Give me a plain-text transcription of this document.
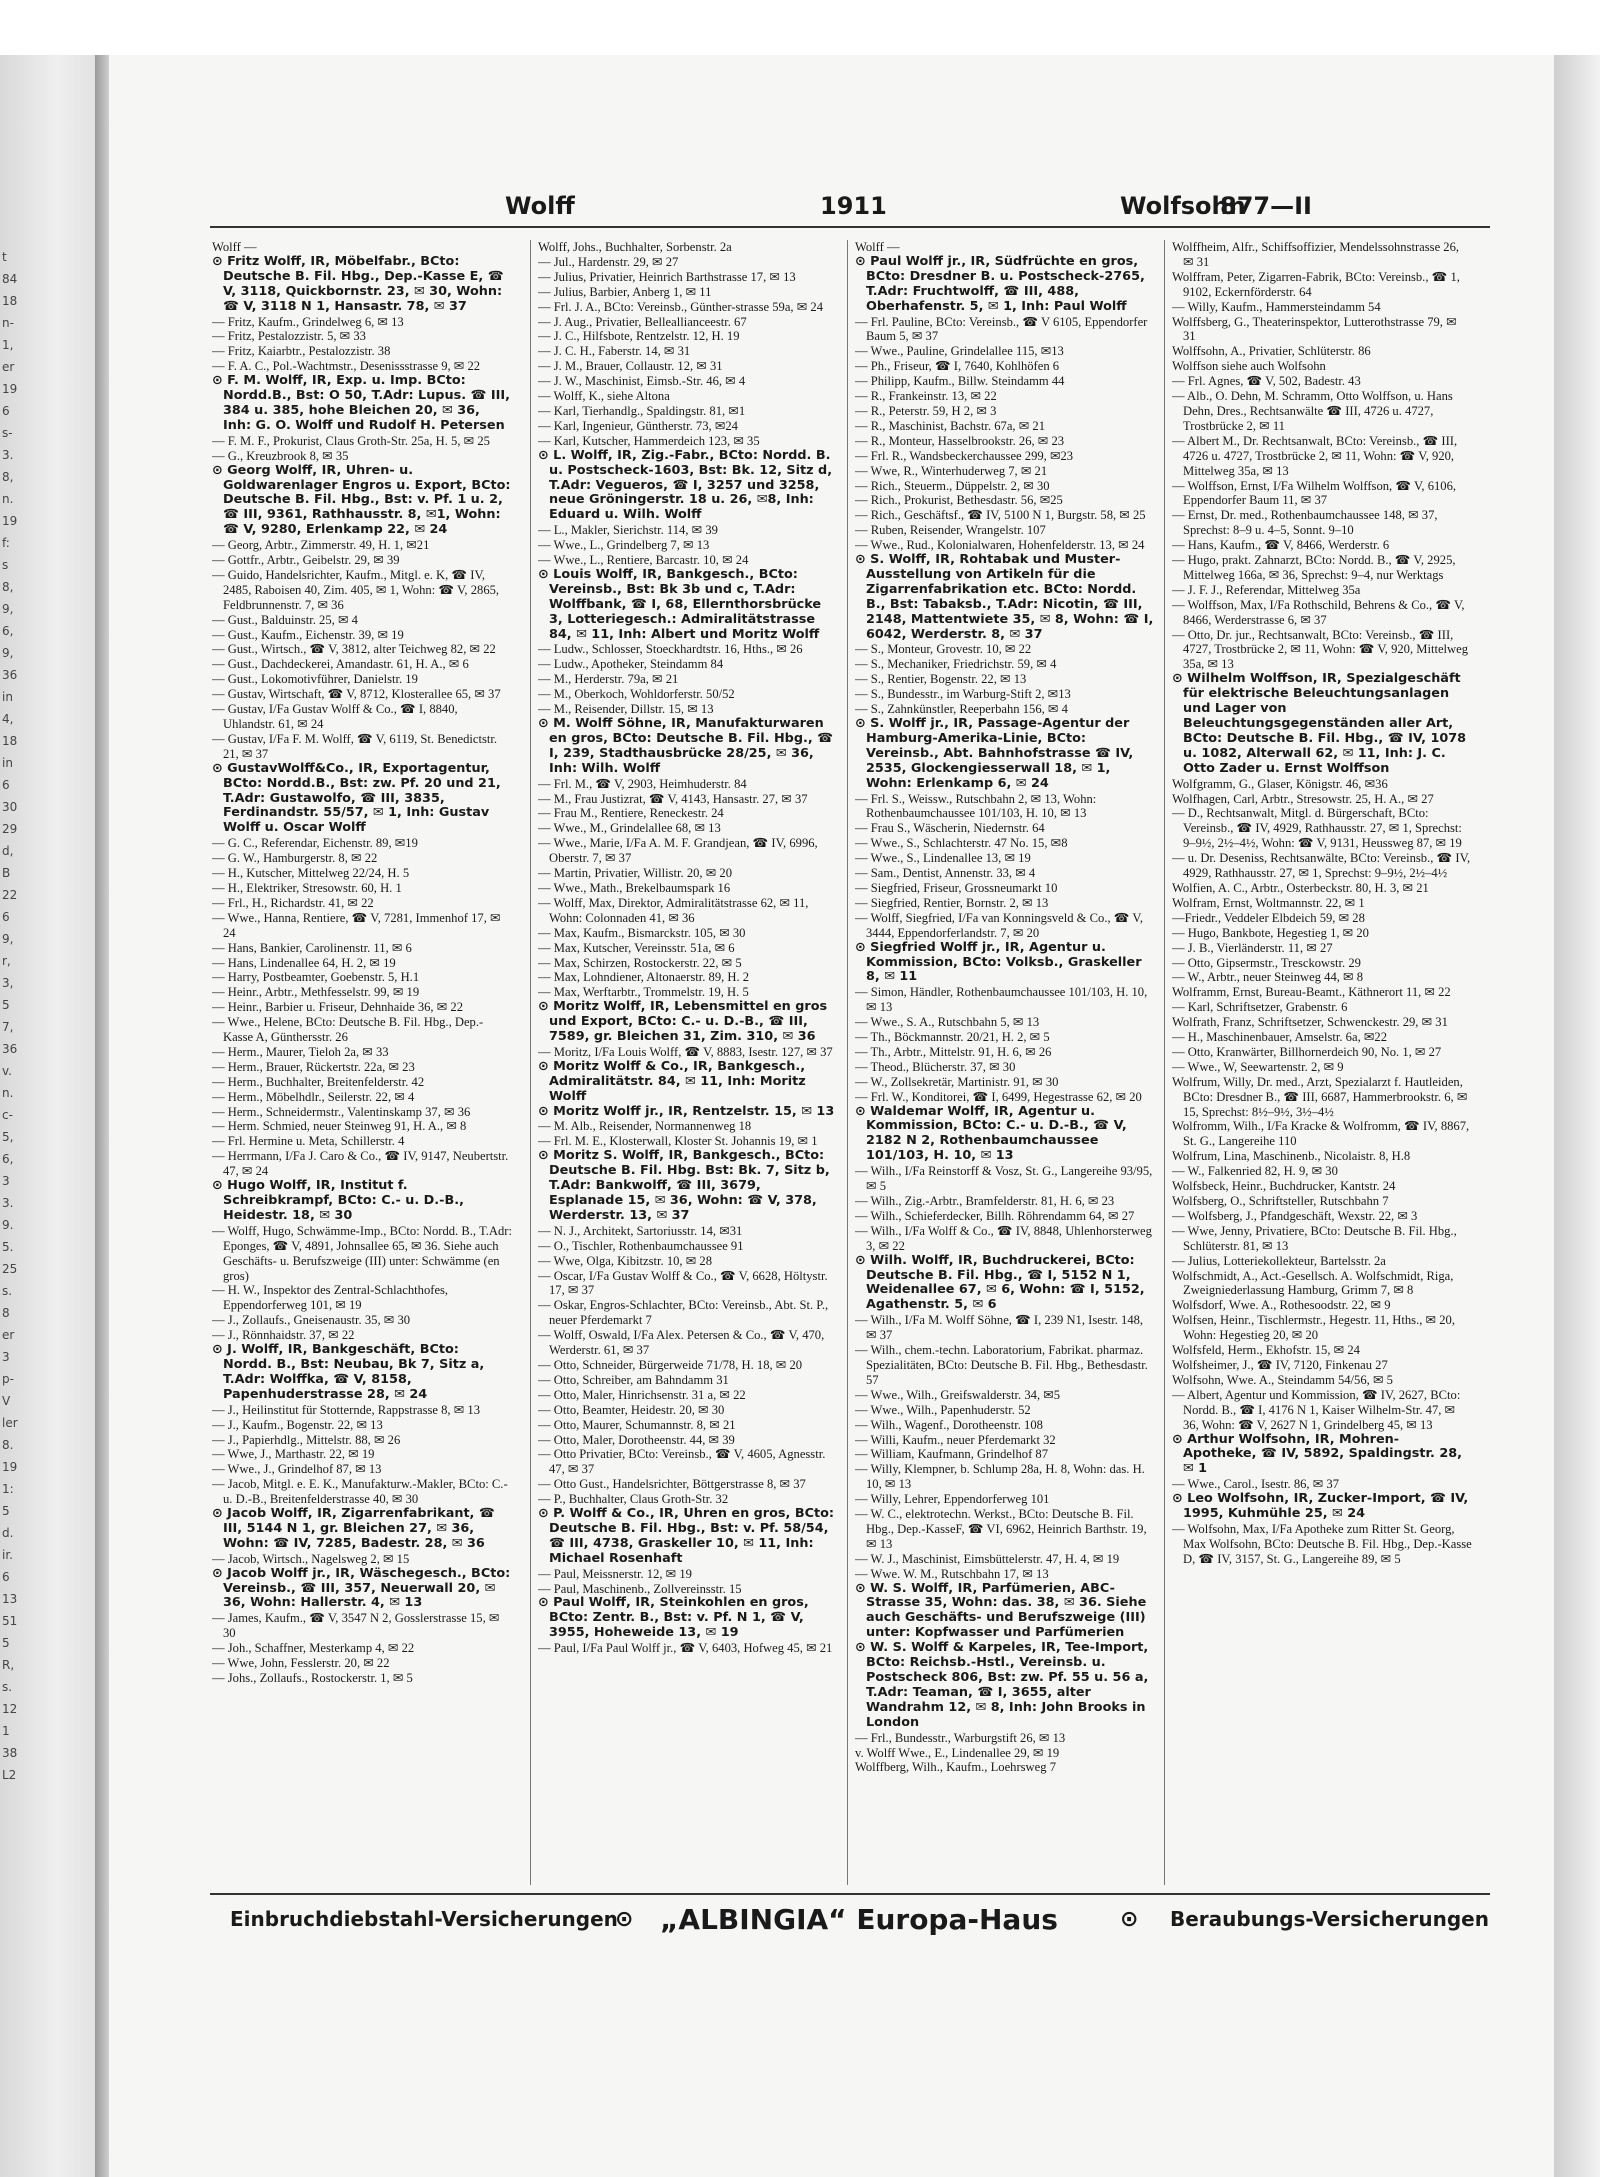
t
84
18
n-
1,
er
19
6
s-
3.
8,
n.
19
f:
s
8,
9,
6,
9,
36
in
4,
18
in
6
30
29
d,
B
22
6
9,
r,
3,
5
7,
36
v.
n.
c-
5,
6,
3
3.
9.
5.
25
s.
8
er
3
p-
V
ler
8.
19
1:
5
d.
ir.
6
13
51
5
R,
s.
12
1
38
L2
Wolff	1911	Wolfsohn
877—II

Wolff —

⊙ Fritz Wolff, IR, Möbelfabr., BCto: Deutsche B. Fil. Hbg., Dep.-Kasse E, ☎ V, 3118, Quickbornstr. 23, ✉ 30, Wohn: ☎ V, 3118 N 1, Hansastr. 78, ✉ 37

— Fritz, Kaufm., Grindelweg 6, ✉ 13

— Fritz, Pestalozzistr. 5, ✉ 33

— Fritz, Kaiarbtr., Pestalozzistr. 38

— F. A. C., Pol.-Wachtmstr., Desenissstrasse 9, ✉ 22

⊙ F. M. Wolff, IR, Exp. u. Imp. BCto: Nordd.B., Bst: O 50, T.Adr: Lupus. ☎ III, 384 u. 385, hohe Bleichen 20, ✉ 36, Inh: G. O. Wolff und Rudolf H. Petersen

— F. M. F., Prokurist, Claus Groth-Str. 25a, H. 5, ✉ 25

— G., Kreuzbrook 8, ✉ 35

⊙ Georg Wolff, IR, Uhren- u. Goldwarenlager Engros u. Export, BCto: Deutsche B. Fil. Hbg., Bst: v. Pf. 1 u. 2, ☎ III, 9361, Rathhausstr. 8, ✉1, Wohn: ☎ V, 9280, Erlenkamp 22, ✉ 24

— Georg, Arbtr., Zimmerstr. 49, H. 1, ✉21

— Gottfr., Arbtr., Geibelstr. 29, ✉ 39

— Guido, Handelsrichter, Kaufm., Mitgl. e. K, ☎ IV, 2485, Raboisen 40, Zim. 405, ✉ 1, Wohn: ☎ V, 2865, Feldbrunnenstr. 7, ✉ 36

— Gust., Balduinstr. 25, ✉ 4

— Gust., Kaufm., Eichenstr. 39, ✉ 19

— Gust., Wirtsch., ☎ V, 3812, alter Teichweg 82, ✉ 22

— Gust., Dachdeckerei, Amandastr. 61, H. A., ✉ 6

— Gust., Lokomotivführer, Danielstr. 19

— Gustav, Wirtschaft, ☎ V, 8712, Klosterallee 65, ✉ 37

— Gustav, I/Fa Gustav Wolff & Co., ☎ I, 8840, Uhlandstr. 61, ✉ 24

— Gustav, I/Fa F. M. Wolff, ☎ V, 6119, St. Benedictstr. 21, ✉ 37

⊙ GustavWolff&Co., IR, Exportagentur, BCto: Nordd.B., Bst: zw. Pf. 20 und 21, T.Adr: Gustawolfo, ☎ III, 3835, Ferdinandstr. 55/57, ✉ 1, Inh: Gustav Wolff u. Oscar Wolff

— G. C., Referendar, Eichenstr. 89, ✉19

— G. W., Hamburgerstr. 8, ✉ 22

— H., Kutscher, Mittelweg 22/24, H. 5

— H., Elektriker, Stresowstr. 60, H. 1

— Frl., H., Richardstr. 41, ✉ 22

— Wwe., Hanna, Rentiere, ☎ V, 7281, Immenhof 17, ✉ 24

— Hans, Bankier, Carolinenstr. 11, ✉ 6

— Hans, Lindenallee 64, H. 2, ✉ 19

— Harry, Postbeamter, Goebenstr. 5, H.1

— Heinr., Arbtr., Methfesselstr. 99, ✉ 19

— Heinr., Barbier u. Friseur, Dehnhaide 36, ✉ 22

— Wwe., Helene, BCto: Deutsche B. Fil. Hbg., Dep.-Kasse A, Günthersstr. 26

— Herm., Maurer, Tieloh 2a, ✉ 33

— Herm., Brauer, Rückertstr. 22a, ✉ 23

— Herm., Buchhalter, Breitenfelderstr. 42

— Herm., Möbelhdlr., Seilerstr. 22, ✉ 4

— Herm., Schneidermstr., Valentinskamp 37, ✉ 36

— Herm. Schmied, neuer Steinweg 91, H. A., ✉ 8

— Frl. Hermine u. Meta, Schillerstr. 4

— Herrmann, I/Fa J. Caro & Co., ☎ IV, 9147, Neubertstr. 47, ✉ 24

⊙ Hugo Wolff, IR, Institut f. Schreibkrampf, BCto: C.- u. D.-B., Heidestr. 18, ✉ 30

— Wolff, Hugo, Schwämme-Imp., BCto: Nordd. B., T.Adr: Eponges, ☎ V, 4891, Johnsallee 65, ✉ 36. Siehe auch Geschäfts- u. Berufszweige (III) unter: Schwämme (en gros)

— H. W., Inspektor des Zentral-Schlachthofes, Eppendorferweg 101, ✉ 19

— J., Zollaufs., Gneisenaustr. 35, ✉ 30

— J., Rönnhaidstr. 37, ✉ 22

⊙ J. Wolff, IR, Bankgeschäft, BCto: Nordd. B., Bst: Neubau, Bk 7, Sitz a, T.Adr: Wolffka, ☎ V, 8158, Papenhuderstrasse 28, ✉ 24

— J., Heilinstitut für Stotternde, Rappstrasse 8, ✉ 13

— J., Kaufm., Bogenstr. 22, ✉ 13

— J., Papierhdlg., Mittelstr. 88, ✉ 26

— Wwe, J., Marthastr. 22, ✉ 19

— Wwe., J., Grindelhof 87, ✉ 13

— Jacob, Mitgl. e. E. K., Manufakturw.-Makler, BCto: C.- u. D.-B., Breitenfelderstrasse 40, ✉ 30

⊙ Jacob Wolff, IR, Zigarrenfabrikant, ☎ III, 5144 N 1, gr. Bleichen 27, ✉ 36, Wohn: ☎ IV, 7285, Badestr. 28, ✉ 36

— Jacob, Wirtsch., Nagelsweg 2, ✉ 15

⊙ Jacob Wolff jr., IR, Wäschegesch., BCto: Vereinsb., ☎ III, 357, Neuerwall 20, ✉ 36, Wohn: Hallerstr. 4, ✉ 13

— James, Kaufm., ☎ V, 3547 N 2, Gosslerstrasse 15, ✉ 30

— Joh., Schaffner, Mesterkamp 4, ✉ 22

— Wwe, John, Fesslerstr. 20, ✉ 22

— Johs., Zollaufs., Rostockerstr. 1, ✉ 5

Wolff, Johs., Buchhalter, Sorbenstr. 2a

— Jul., Hardenstr. 29, ✉ 27

— Julius, Privatier, Heinrich Barthstrasse 17, ✉ 13

— Julius, Barbier, Anberg 1, ✉ 11

— Frl. J. A., BCto: Vereinsb., Günther-strasse 59a, ✉ 24

— J. Aug., Privatier, Belleallianceestr. 67

— J. C., Hilfsbote, Rentzelstr. 12, H. 19

— J. C. H., Faberstr. 14, ✉ 31

— J. M., Brauer, Collaustr. 12, ✉ 31

— J. W., Maschinist, Eimsb.-Str. 46, ✉ 4

— Wolff, K., siehe Altona

— Karl, Tierhandlg., Spaldingstr. 81, ✉1

— Karl, Ingenieur, Güntherstr. 73, ✉24

— Karl, Kutscher, Hammerdeich 123, ✉ 35

⊙ L. Wolff, IR, Zig.-Fabr., BCto: Nordd. B. u. Postscheck-1603, Bst: Bk. 12, Sitz d, T.Adr: Vegueros, ☎ I, 3257 und 3258, neue Gröningerstr. 18 u. 26, ✉8, Inh: Eduard u. Wilh. Wolff

— L., Makler, Sierichstr. 114, ✉ 39

— Wwe., L., Grindelberg 7, ✉ 13

— Wwe., L., Rentiere, Barcastr. 10, ✉ 24

⊙ Louis Wolff, IR, Bankgesch., BCto: Vereinsb., Bst: Bk 3b und c, T.Adr: Wolffbank, ☎ I, 68, Ellernthorsbrücke 3, Lotteriegesch.: Admiralitätstrasse 84, ✉ 11, Inh: Albert und Moritz Wolff

— Ludw., Schlosser, Stoeckhardtstr. 16, Hths., ✉ 26

— Ludw., Apotheker, Steindamm 84

— M., Herderstr. 79a, ✉ 21

— M., Oberkoch, Wohldorferstr. 50/52

— M., Reisender, Dillstr. 15, ✉ 13

⊙ M. Wolff Söhne, IR, Manufakturwaren en gros, BCto: Deutsche B. Fil. Hbg., ☎ I, 239, Stadthausbrücke 28/25, ✉ 36, Inh: Wilh. Wolff

— Frl. M., ☎ V, 2903, Heimhuderstr. 84

— M., Frau Justizrat, ☎ V, 4143, Hansastr. 27, ✉ 37

— Frau M., Rentiere, Reneckestr. 24

— Wwe., M., Grindelallee 68, ✉ 13

— Wwe., Marie, I/Fa A. M. F. Grandjean, ☎ IV, 6996, Oberstr. 7, ✉ 37

— Martin, Privatier, Willistr. 20, ✉ 20

— Wwe., Math., Brekelbaumspark 16

— Wolff, Max, Direktor, Admiralitätstrasse 62, ✉ 11, Wohn: Colonnaden 41, ✉ 36

— Max, Kaufm., Bismarckstr. 105, ✉ 30

— Max, Kutscher, Vereinsstr. 51a, ✉ 6

— Max, Schirzen, Rostockerstr. 22, ✉ 5

— Max, Lohndiener, Altonaerstr. 89, H. 2

— Max, Werftarbtr., Trommelstr. 19, H. 5

⊙ Moritz Wolff, IR, Lebensmittel en gros und Export, BCto: C.- u. D.-B., ☎ III, 7589, gr. Bleichen 31, Zim. 310, ✉ 36

— Moritz, I/Fa Louis Wolff, ☎ V, 8883, Isestr. 127, ✉ 37

⊙ Moritz Wolff & Co., IR, Bankgesch., Admiralitätstr. 84, ✉ 11, Inh: Moritz Wolff

⊙ Moritz Wolff jr., IR, Rentzelstr. 15, ✉ 13

— M. Alb., Reisender, Normannenweg 18

— Frl. M. E., Klosterwall, Kloster St. Johannis 19, ✉ 1

⊙ Moritz S. Wolff, IR, Bankgesch., BCto: Deutsche B. Fil. Hbg. Bst: Bk. 7, Sitz b, T.Adr: Bankwolff, ☎ III, 3679, Esplanade 15, ✉ 36, Wohn: ☎ V, 378, Werderstr. 13, ✉ 37

— N. J., Architekt, Sartoriusstr. 14, ✉31

— O., Tischler, Rothenbaumchaussee 91

— Wwe, Olga, Kibitzstr. 10, ✉ 28

— Oscar, I/Fa Gustav Wolff & Co., ☎ V, 6628, Höltystr. 17, ✉ 37

— Oskar, Engros-Schlachter, BCto: Vereinsb., Abt. St. P., neuer Pferdemarkt 7

— Wolff, Oswald, I/Fa Alex. Petersen & Co., ☎ V, 470, Werderstr. 61, ✉ 37

— Otto, Schneider, Bürgerweide 71/78, H. 18, ✉ 20

— Otto, Schreiber, am Bahndamm 31

— Otto, Maler, Hinrichsenstr. 31 a, ✉ 22

— Otto, Beamter, Heidestr. 20, ✉ 30

— Otto, Maurer, Schumannstr. 8, ✉ 21

— Otto, Maler, Dorotheenstr. 44, ✉ 39

— Otto Privatier, BCto: Vereinsb., ☎ V, 4605, Agnesstr. 47, ✉ 37

— Otto Gust., Handelsrichter, Böttgerstrasse 8, ✉ 37

— P., Buchhalter, Claus Groth-Str. 32

⊙ P. Wolff & Co., IR, Uhren en gros, BCto: Deutsche B. Fil. Hbg., Bst: v. Pf. 58/54, ☎ III, 4738, Graskeller 10, ✉ 11, Inh: Michael Rosenhaft

— Paul, Meissnerstr. 12, ✉ 19

— Paul, Maschinenb., Zollvereinsstr. 15

⊙ Paul Wolff, IR, Steinkohlen en gros, BCto: Zentr. B., Bst: v. Pf. N 1, ☎ V, 3955, Hoheweide 13, ✉ 19

— Paul, I/Fa Paul Wolff jr., ☎ V, 6403, Hofweg 45, ✉ 21

Wolff —

⊙ Paul Wolff jr., IR, Südfrüchte en gros, BCto: Dresdner B. u. Postscheck-2765, T.Adr: Fruchtwolff, ☎ III, 488, Oberhafenstr. 5, ✉ 1, Inh: Paul Wolff

— Frl. Pauline, BCto: Vereinsb., ☎ V 6105, Eppendorfer Baum 5, ✉ 37

— Wwe., Pauline, Grindelallee 115, ✉13

— Ph., Friseur, ☎ I, 7640, Kohlhöfen 6

— Philipp, Kaufm., Billw. Steindamm 44

— R., Frankeinstr. 13, ✉ 22

— R., Peterstr. 59, H 2, ✉ 3

— R., Maschinist, Bachstr. 67a, ✉ 21

— R., Monteur, Hasselbrookstr. 26, ✉ 23

— Frl. R., Wandsbeckerchaussee 299, ✉23

— Wwe, R., Winterhuderweg 7, ✉ 21

— Rich., Steuerm., Düppelstr. 2, ✉ 30

— Rich., Prokurist, Bethesdastr. 56, ✉25

— Rich., Geschäftsf., ☎ IV, 5100 N 1, Burgstr. 58, ✉ 25

— Ruben, Reisender, Wrangelstr. 107

— Wwe., Rud., Kolonialwaren, Hohenfelderstr. 13, ✉ 24

⊙ S. Wolff, IR, Rohtabak und Muster-Ausstellung von Artikeln für die Zigarrenfabrikation etc. BCto: Nordd. B., Bst: Tabaksb., T.Adr: Nicotin, ☎ III, 2148, Mattentwiete 35, ✉ 8, Wohn: ☎ I, 6042, Werderstr. 8, ✉ 37

— S., Monteur, Grovestr. 10, ✉ 22

— S., Mechaniker, Friedrichstr. 59, ✉ 4

— S., Rentier, Bogenstr. 22, ✉ 13

— S., Bundesstr., im Warburg-Stift 2, ✉13

— S., Zahnkünstler, Reeperbahn 156, ✉ 4

⊙ S. Wolff jr., IR, Passage-Agentur der Hamburg-Amerika-Linie, BCto: Vereinsb., Abt. Bahnhofstrasse ☎ IV, 2535, Glockengiesserwall 18, ✉ 1, Wohn: Erlenkamp 6, ✉ 24

— Frl. S., Weissw., Rutschbahn 2, ✉ 13, Wohn: Rothenbaumchaussee 101/103, H. 10, ✉ 13

— Frau S., Wäscherin, Niedernstr. 64

— Wwe., S., Schlachterstr. 47 No. 15, ✉8

— Wwe., S., Lindenallee 13, ✉ 19

— Sam., Dentist, Annenstr. 33, ✉ 4

— Siegfried, Friseur, Grossneumarkt 10

— Siegfried, Rentier, Bornstr. 2, ✉ 13

— Wolff, Siegfried, I/Fa van Konningsveld & Co., ☎ V, 3444, Eppendorferlandstr. 7, ✉ 20

⊙ Siegfried Wolff jr., IR, Agentur u. Kommission, BCto: Volksb., Graskeller 8, ✉ 11

— Simon, Händler, Rothenbaumchaussee 101/103, H. 10, ✉ 13

— Wwe., S. A., Rutschbahn 5, ✉ 13

— Th., Böckmannstr. 20/21, H. 2, ✉ 5

— Th., Arbtr., Mittelstr. 91, H. 6, ✉ 26

— Theod., Blücherstr. 37, ✉ 30

— W., Zollsekretär, Martinistr. 91, ✉ 30

— Frl. W., Konditorei, ☎ I, 6499, Hegestrasse 62, ✉ 20

⊙ Waldemar Wolff, IR, Agentur u. Kommission, BCto: C.- u. D.-B., ☎ V, 2182 N 2, Rothenbaumchaussee 101/103, H. 10, ✉ 13

— Wilh., I/Fa Reinstorff & Vosz, St. G., Langereihe 93/95, ✉ 5

— Wilh., Zig.-Arbtr., Bramfelderstr. 81, H. 6, ✉ 23

— Wilh., Schieferdecker, Billh. Röhrendamm 64, ✉ 27

— Wilh., I/Fa Wolff & Co., ☎ IV, 8848, Uhlenhorsterweg 3, ✉ 22

⊙ Wilh. Wolff, IR, Buchdruckerei, BCto: Deutsche B. Fil. Hbg., ☎ I, 5152 N 1, Weidenallee 67, ✉ 6, Wohn: ☎ I, 5152, Agathenstr. 5, ✉ 6

— Wilh., I/Fa M. Wolff Söhne, ☎ I, 239 N1, Isestr. 148, ✉ 37

— Wilh., chem.-techn. Laboratorium, Fabrikat. pharmaz. Spezialitäten, BCto: Deutsche B. Fil. Hbg., Bethesdastr. 57

— Wwe., Wilh., Greifswalderstr. 34, ✉5

— Wwe., Wilh., Papenhuderstr. 52

— Wilh., Wagenf., Dorotheenstr. 108

— Willi, Kaufm., neuer Pferdemarkt 32

— William, Kaufmann, Grindelhof 87

— Willy, Klempner, b. Schlump 28a, H. 8, Wohn: das. H. 10, ✉ 13

— Willy, Lehrer, Eppendorferweg 101

— W. C., elektrotechn. Werkst., BCto: Deutsche B. Fil. Hbg., Dep.-KasseF, ☎ VI, 6962, Heinrich Barthstr. 19, ✉ 13

— W. J., Maschinist, Eimsbüttelerstr. 47, H. 4, ✉ 19

— Wwe. W. M., Rutschbahn 17, ✉ 13

⊙ W. S. Wolff, IR, Parfümerien, ABC-Strasse 35, Wohn: das. 38, ✉ 36. Siehe auch Geschäfts- und Berufszweige (III) unter: Kopfwasser und Parfümerien

⊙ W. S. Wolff & Karpeles, IR, Tee-Import, BCto: Reichsb.-Hstl., Vereinsb. u. Postscheck 806, Bst: zw. Pf. 55 u. 56 a, T.Adr: Teaman, ☎ I, 3655, alter Wandrahm 12, ✉ 8, Inh: John Brooks in London

— Frl., Bundesstr., Warburgstift 26, ✉ 13

v. Wolff Wwe., E., Lindenallee 29, ✉ 19

Wolffberg, Wilh., Kaufm., Loehrsweg 7

Wolffheim, Alfr., Schiffsoffizier, Mendelssohnstrasse 26, ✉ 31

Wolffram, Peter, Zigarren-Fabrik, BCto: Vereinsb., ☎ 1, 9102, Eckernförderstr. 64

— Willy, Kaufm., Hammersteindamm 54

Wolffsberg, G., Theaterinspektor, Lutterothstrasse 79, ✉ 31

Wolffsohn, A., Privatier, Schlüterstr. 86

Wolffson siehe auch Wolfsohn

— Frl. Agnes, ☎ V, 502, Badestr. 43

— Alb., O. Dehn, M. Schramm, Otto Wolffson, u. Hans Dehn, Dres., Rechtsanwälte ☎ III, 4726 u. 4727, Trostbrücke 2, ✉ 11

— Albert M., Dr. Rechtsanwalt, BCto: Vereinsb., ☎ III, 4726 u. 4727, Trostbrücke 2, ✉ 11, Wohn: ☎ V, 920, Mittelweg 35a, ✉ 13

— Wolffson, Ernst, I/Fa Wilhelm Wolffson, ☎ V, 6106, Eppendorfer Baum 11, ✉ 37

— Ernst, Dr. med., Rothenbaumchaussee 148, ✉ 37, Sprechst: 8–9 u. 4–5, Sonnt. 9–10

— Hans, Kaufm., ☎ V, 8466, Werderstr. 6

— Hugo, prakt. Zahnarzt, BCto: Nordd. B., ☎ V, 2925, Mittelweg 166a, ✉ 36, Sprechst: 9–4, nur Werktags

— J. F. J., Referendar, Mittelweg 35a

— Wolffson, Max, I/Fa Rothschild, Behrens & Co., ☎ V, 8466, Werderstrasse 6, ✉ 37

— Otto, Dr. jur., Rechtsanwalt, BCto: Vereinsb., ☎ III, 4727, Trostbrücke 2, ✉ 11, Wohn: ☎ V, 920, Mittelweg 35a, ✉ 13

⊙ Wilhelm Wolffson, IR, Spezialgeschäft für elektrische Beleuchtungsanlagen und Lager von Beleuchtungsgegenständen aller Art, BCto: Deutsche B. Fil. Hbg., ☎ IV, 1078 u. 1082, Alterwall 62, ✉ 11, Inh: J. C. Otto Zader u. Ernst Wolffson

Wolfgramm, G., Glaser, Königstr. 46, ✉36

Wolfhagen, Carl, Arbtr., Stresowstr. 25, H. A., ✉ 27

— D., Rechtsanwalt, Mitgl. d. Bürgerschaft, BCto: Vereinsb., ☎ IV, 4929, Rathhausstr. 27, ✉ 1, Sprechst: 9–9½, 2½–4½, Wohn: ☎ V, 9131, Heussweg 87, ✉ 19

— u. Dr. Deseniss, Rechtsanwälte, BCto: Vereinsb., ☎ IV, 4929, Rathhausstr. 27, ✉ 1, Sprechst: 9–9½, 2½–4½

Wolfien, A. C., Arbtr., Osterbeckstr. 80, H. 3, ✉ 21

Wolfram, Ernst, Woltmannstr. 22, ✉ 1

—Friedr., Veddeler Elbdeich 59, ✉ 28

— Hugo, Bankbote, Hegestieg 1, ✉ 20

— J. B., Vierländerstr. 11, ✉ 27

— Otto, Gipsermstr., Tresckowstr. 29

— W., Arbtr., neuer Steinweg 44, ✉ 8

Wolframm, Ernst, Bureau-Beamt., Käthnerort 11, ✉ 22

— Karl, Schriftsetzer, Grabenstr. 6

Wolfrath, Franz, Schriftsetzer, Schwenckestr. 29, ✉ 31

— H., Maschinenbauer, Amselstr. 6a, ✉22

— Otto, Kranwärter, Billhornerdeich 90, No. 1, ✉ 27

— Wwe., W, Seewartenstr. 2, ✉ 9

Wolfrum, Willy, Dr. med., Arzt, Spezialarzt f. Hautleiden, BCto: Dresdner B., ☎ III, 6687, Hammerbrookstr. 6, ✉ 15, Sprechst: 8½–9½, 3½–4½

Wolfromm, Wilh., I/Fa Kracke & Wolfromm, ☎ IV, 8867, St. G., Langereihe 110

Wolfrum, Lina, Maschinenb., Nicolaistr. 8, H.8

— W., Falkenried 82, H. 9, ✉ 30

Wolfsbeck, Heinr., Buchdrucker, Kantstr. 24

Wolfsberg, O., Schriftsteller, Rutschbahn 7

— Wolfsberg, J., Pfandgeschäft, Wexstr. 22, ✉ 3

— Wwe, Jenny, Privatiere, BCto: Deutsche B. Fil. Hbg., Schlüterstr. 81, ✉ 13

— Julius, Lotteriekollekteur, Bartelsstr. 2a

Wolfschmidt, A., Act.-Gesellsch. A. Wolfschmidt, Riga, Zweigniederlassung Hamburg, Grimm 7, ✉ 8

Wolfsdorf, Wwe. A., Rothesoodstr. 22, ✉ 9

Wolfsen, Heinr., Tischlermstr., Hegestr. 11, Hths., ✉ 20, Wohn: Hegestieg 20, ✉ 20

Wolfsfeld, Herm., Ekhofstr. 15, ✉ 24

Wolfsheimer, J., ☎ IV, 7120, Finkenau 27

Wolfsohn, Wwe. A., Steindamm 54/56, ✉ 5

— Albert, Agentur und Kommission, ☎ IV, 2627, BCto: Nordd. B., ☎ I, 4176 N 1, Kaiser Wilhelm-Str. 47, ✉ 36, Wohn: ☎ V, 2627 N 1, Grindelberg 45, ✉ 13

⊙ Arthur Wolfsohn, IR, Mohren-Apotheke, ☎ IV, 5892, Spaldingstr. 28, ✉ 1

— Wwe., Carol., Isestr. 86, ✉ 37

⊙ Leo Wolfsohn, IR, Zucker-Import, ☎ IV, 1995, Kuhmühle 25, ✉ 24

— Wolfsohn, Max, I/Fa Apotheke zum Ritter St. Georg, Max Wolfsohn, BCto: Deutsche B. Fil. Hbg., Dep.-Kasse D, ☎ IV, 3157, St. G., Langereihe 89, ✉ 5

Einbruchdiebstahl-Versicherungen
⊙ „ALBINGIA“ Europa-Haus	⊙ Beraubungs-Versicherungen
